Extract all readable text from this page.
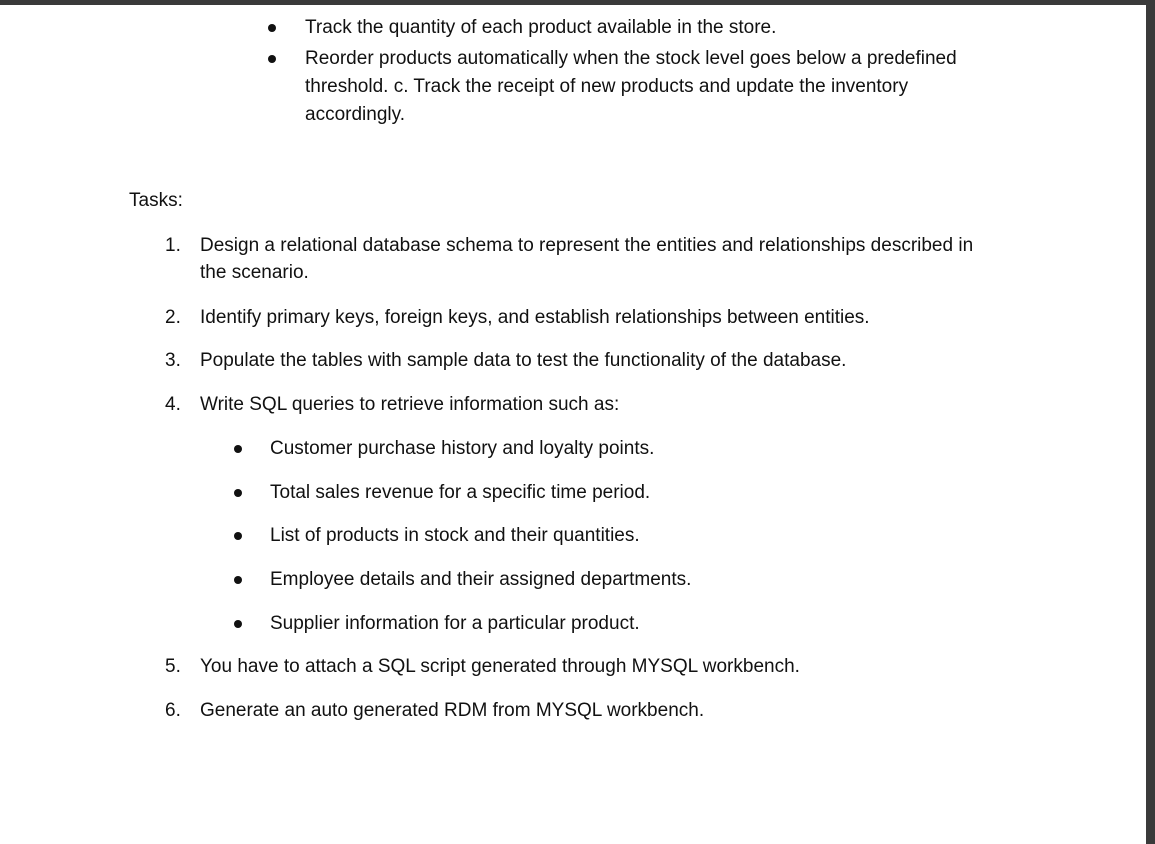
Track the quantity of each product available in the store.
Reorder products automatically when the stock level goes below a predefined
threshold. c. Track the receipt of new products and update the inventory
accordingly.
Tasks:
1. Design a relational database schema to represent the entities and relationships described in
the scenario.
2. Identify primary keys, foreign keys, and establish relationships between entities.
3. Populate the tables with sample data to test the functionality of the database.
4. Write SQL queries to retrieve information such as:
Customer purchase history and loyalty points.
Total sales revenue for a specific time period.
List of products in stock and their quantities.
Employee details and their assigned departments.
Supplier information for a particular product.
5. You have to attach a SQL script generated through MYSQL workbench.
6. Generate an auto generated RDM from MYSQL workbench.
